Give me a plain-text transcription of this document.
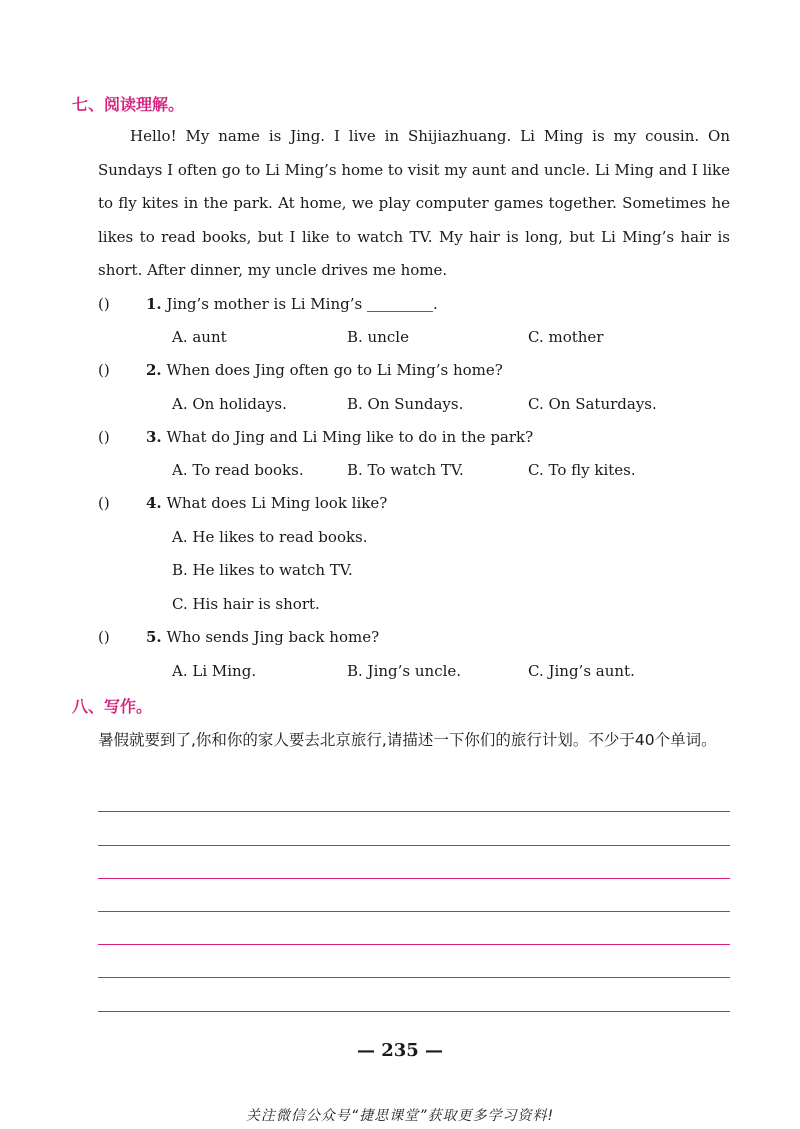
七、阅读理解。

Hello! My name is Jing. I live in Shijiazhuang. Li Ming is my cousin. On Sundays I often go to Li Ming’s home to visit my aunt and uncle. Li Ming and I like to fly kites in the park. At home, we play computer games together. Sometimes he likes to read books, but I like to watch TV. My hair is long, but Li Ming’s hair is short. After dinner, my uncle drives me home.

() 1. Jing’s mother is Li Ming’s	.
A. aunt	B. uncle	C. mother
() 2. When does Jing often go to Li Ming’s home?
A. On holidays.	B. On Sundays.	C. On Saturdays.
() 3. What do Jing and Li Ming like to do in the park?
A. To read books.	B. To watch TV.	C. To fly kites.
() 4. What does Li Ming look like?
A. He likes to read books.
B. He likes to watch TV.
C. His hair is short.
() 5. Who sends Jing back home?
A. Li Ming.	B. Jing’s uncle.	C. Jing’s aunt.
八、写作。
暑假就要到了,你和你的家人要去北京旅行,请描述一下你们的旅行计划。不少于40个单词。
— 235 —
关注微信公众号“捷思课堂”获取更多学习资料!
